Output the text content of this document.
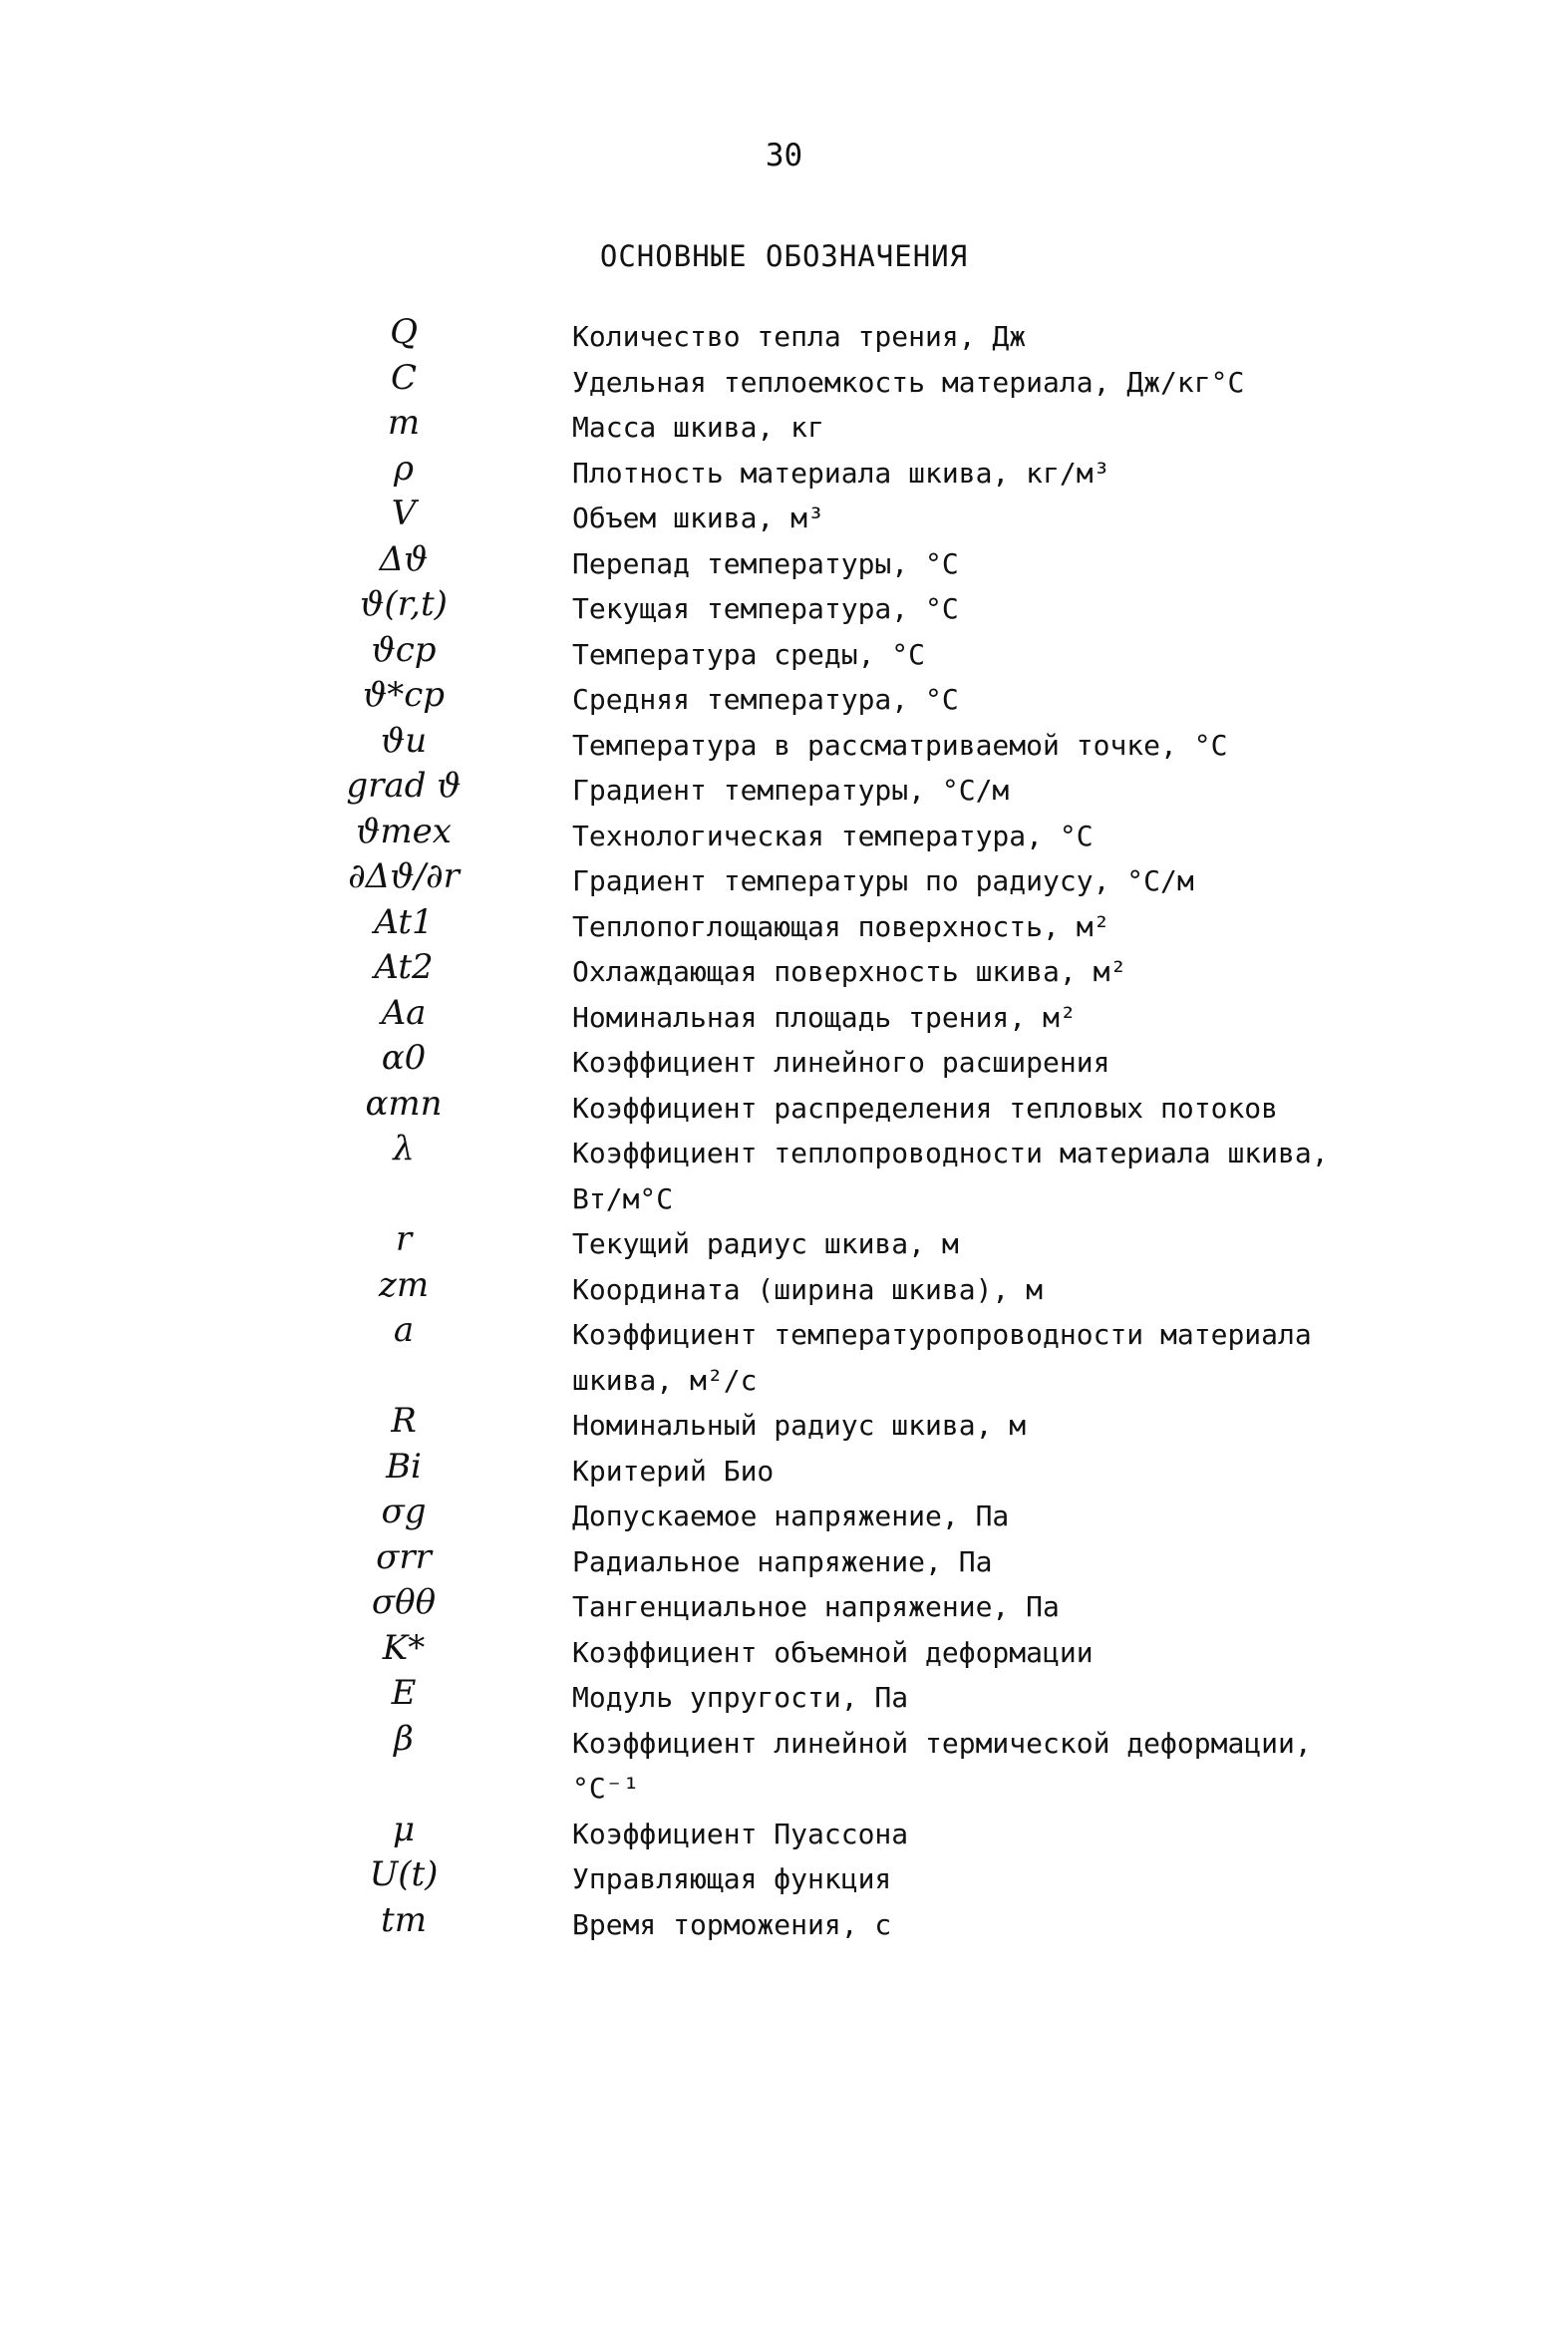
30
ОСНОВНЫЕ ОБОЗНАЧЕНИЯ
Q	Количество тепла трения, Дж
C	Удельная теплоемкость материала, Дж/кг°С
m	Масса шкива, кг
ρ	Плотность материала шкива, кг/м³
V	Объем шкива, м³
Δϑ	Перепад температуры, °С
ϑ(r,t)	Текущая температура, °С
ϑср	Температура среды, °С
ϑ*ср	Средняя температура, °С
ϑи	Температура в рассматриваемой точке, °С
grad ϑ	Градиент температуры, °С/м
ϑтех	Технологическая температура, °С
∂Δϑ/∂r	Градиент температуры по радиусу, °С/м
At1	Теплопоглощающая поверхность, м²
At2	Охлаждающая поверхность шкива, м²
Aa	Номинальная площадь трения, м²
α0	Коэффициент линейного расширения
αтп	Коэффициент распределения тепловых потоков
λ	Коэффициент теплопроводности материала шкива,
Вт/м°С
r	Текущий радиус шкива, м
zт	Координата (ширина шкива), м
a	Коэффициент температуропроводности материала
шкива, м²/с
R	Номинальный радиус шкива, м
Bi	Критерий Био
σg	Допускаемое напряжение, Па
σrr	Радиальное напряжение, Па
σθθ	Тангенциальное напряжение, Па
K*	Коэффициент объемной деформации
E	Модуль упругости, Па
β	Коэффициент линейной термической деформации,
°С⁻¹
μ	Коэффициент Пуассона
U(t)	Управляющая функция
tт	Время торможения, с
